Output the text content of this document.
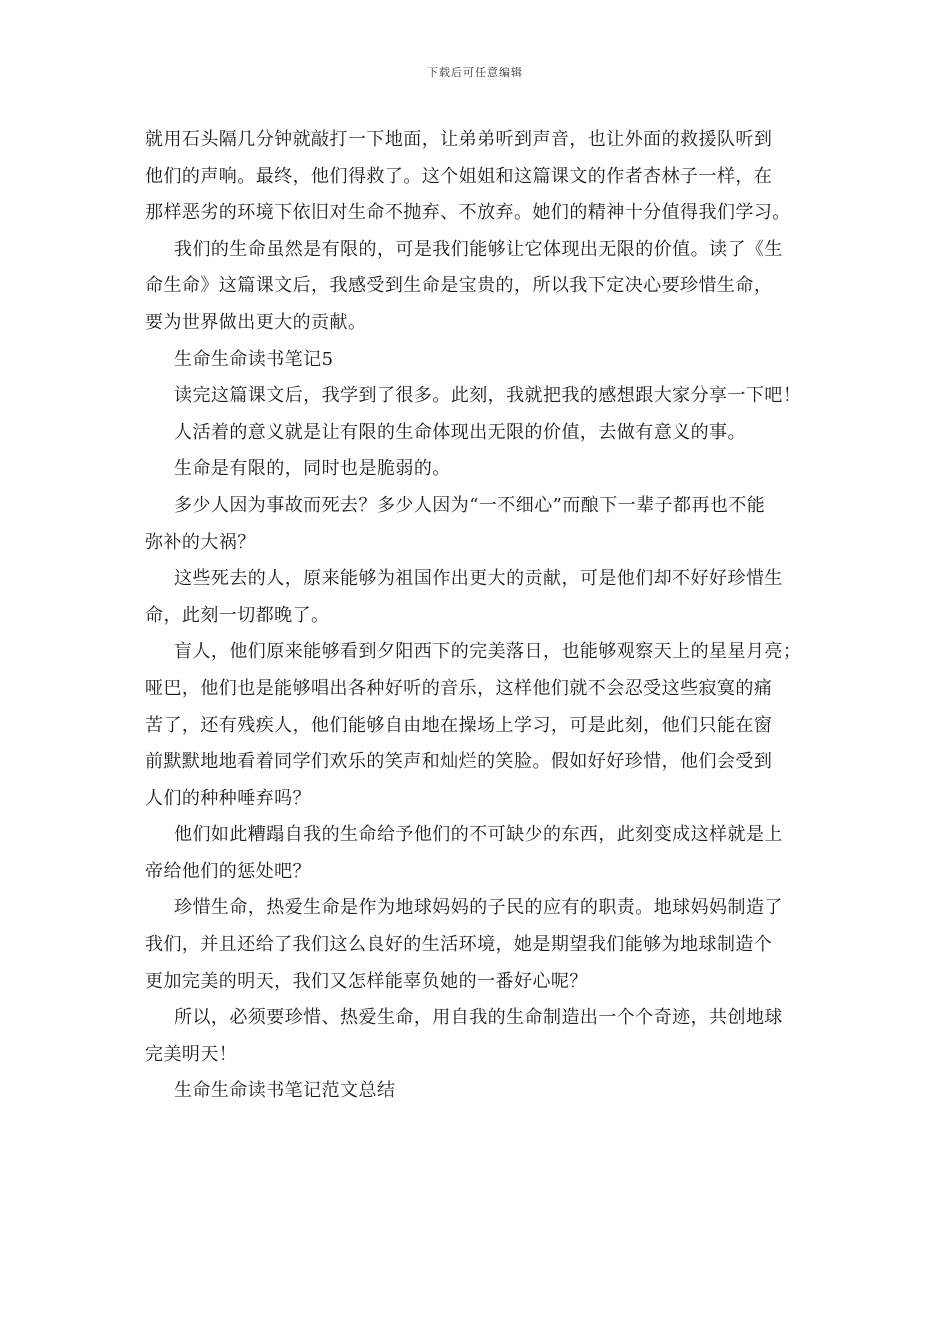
下载后可任意编辑
就用石头隔几分钟就敲打一下地面，让弟弟听到声音，也让外面的救援队听到
他们的声响。最终，他们得救了。这个姐姐和这篇课文的作者杏林子一样，在
那样恶劣的环境下依旧对生命不抛弃、不放弃。她们的精神十分值得我们学习。
我们的生命虽然是有限的，可是我们能够让它体现出无限的价值。读了《生
命生命》这篇课文后，我感受到生命是宝贵的，所以我下定决心要珍惜生命，
要为世界做出更大的贡献。
生命生命读书笔记5
读完这篇课文后，我学到了很多。此刻，我就把我的感想跟大家分享一下吧！
人活着的意义就是让有限的生命体现出无限的价值，去做有意义的事。
生命是有限的，同时也是脆弱的。
多少人因为事故而死去？多少人因为“一不细心”而酿下一辈子都再也不能
弥补的大祸？
这些死去的人，原来能够为祖国作出更大的贡献，可是他们却不好好珍惜生
命，此刻一切都晚了。
盲人，他们原来能够看到夕阳西下的完美落日，也能够观察天上的星星月亮；
哑巴，他们也是能够唱出各种好听的音乐，这样他们就不会忍受这些寂寞的痛
苦了，还有残疾人，他们能够自由地在操场上学习，可是此刻，他们只能在窗
前默默地地看着同学们欢乐的笑声和灿烂的笑脸。假如好好珍惜，他们会受到
人们的种种唾弃吗？
他们如此糟蹋自我的生命给予他们的不可缺少的东西，此刻变成这样就是上
帝给他们的惩处吧？
珍惜生命，热爱生命是作为地球妈妈的子民的应有的职责。地球妈妈制造了
我们，并且还给了我们这么良好的生活环境，她是期望我们能够为地球制造个
更加完美的明天，我们又怎样能辜负她的一番好心呢？
所以，必须要珍惜、热爱生命，用自我的生命制造出一个个奇迹，共创地球
完美明天！
生命生命读书笔记范文总结
